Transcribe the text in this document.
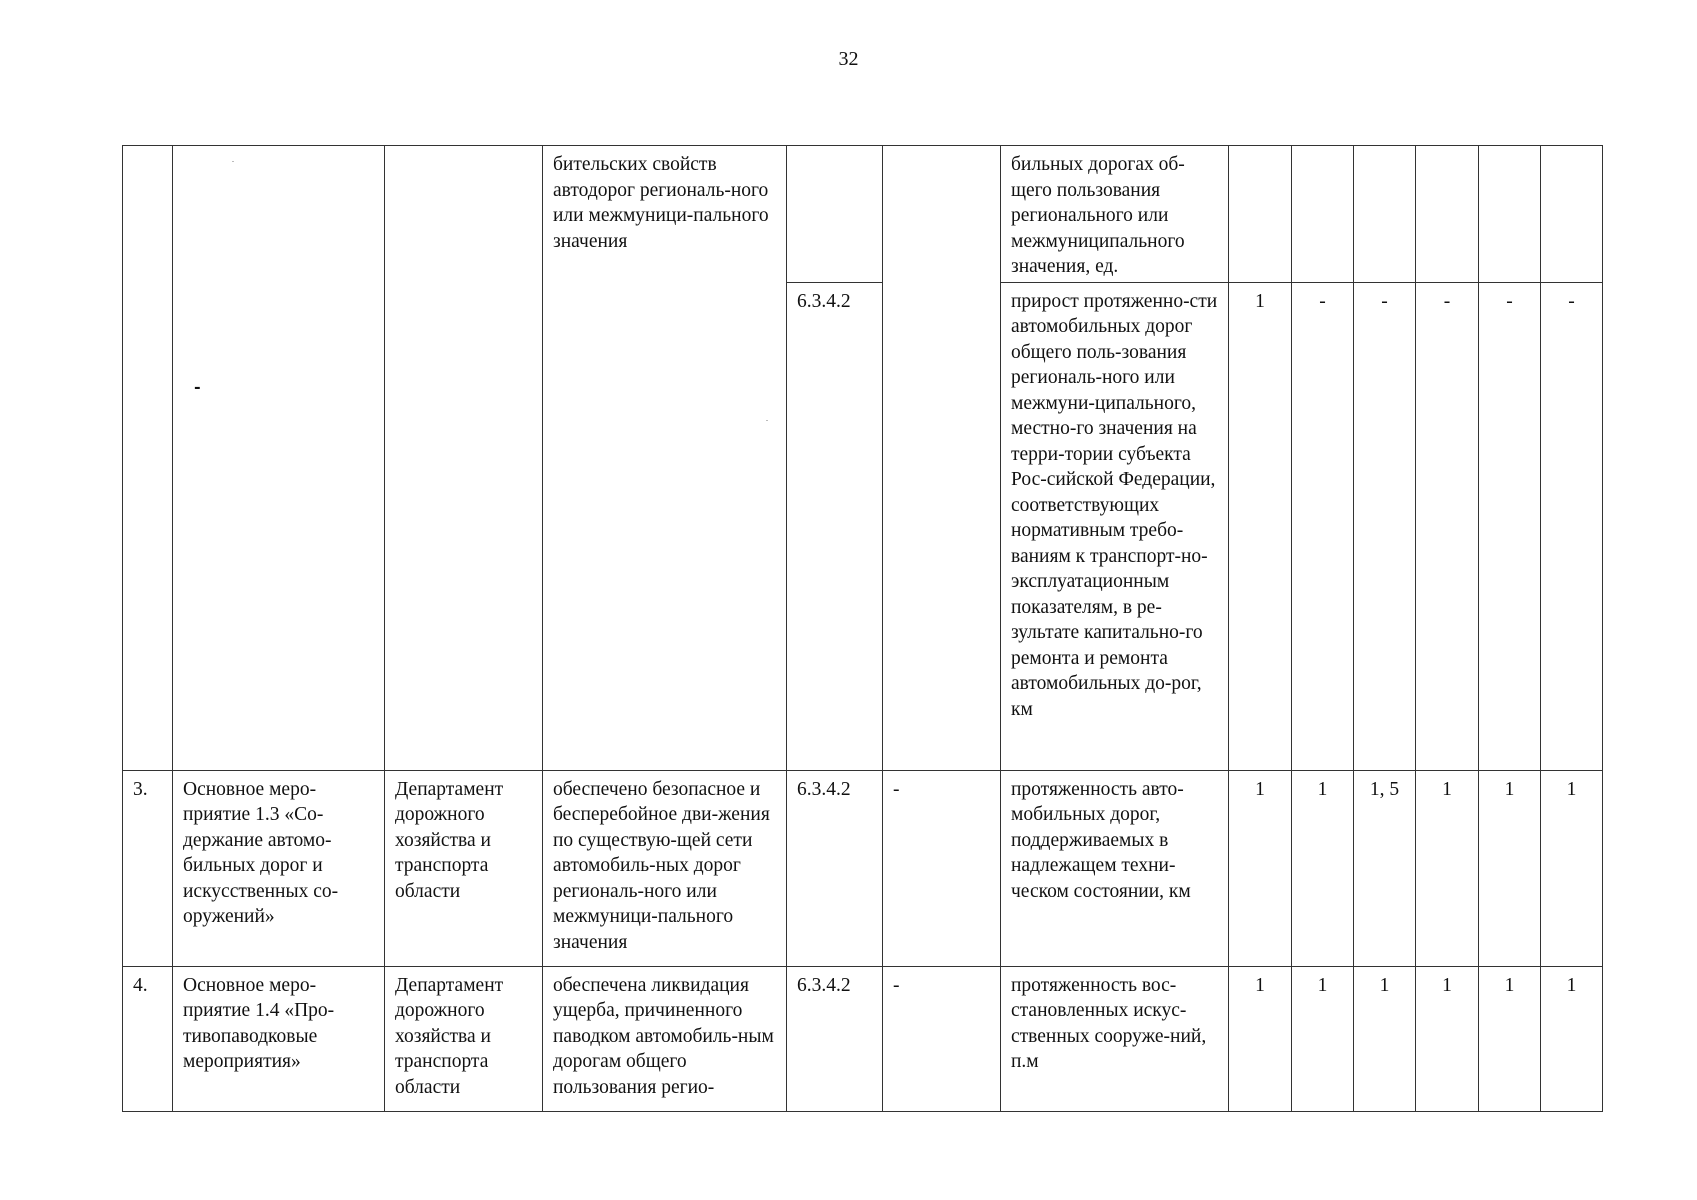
32
			бительских свойств автодорог региональ-ного или межмуници-пального значения			бильных дорогах об-щего пользования регионального или межмуниципального значения, ед.						
				6.3.4.2		прирост протяженно-сти автомобильных дорог общего поль-зования региональ-ного или межмуни-ципального, местно-го значения на терри-тории субъекта Рос-сийской Федерации, соответствующих нормативным требо-ваниям к транспорт-но-эксплуатационным показателям, в ре-зультате капитально-го ремонта и ремонта автомобильных до-рог, км	1	-	-	-	-	-
3.	Основное меро-приятие 1.3 «Со-держание автомо-бильных дорог и искусственных со-оружений»	Департамент дорожного хозяйства и транспорта области	обеспечено безопасное и бесперебойное дви-жения по существую-щей сети автомобиль-ных дорог региональ-ного или межмуници-пального значения	6.3.4.2	-	протяженность авто-мобильных дорог, поддерживаемых в надлежащем техни-ческом состоянии, км	1	1	1, 5	1	1	1
4.	Основное меро-приятие 1.4 «Про-тивопаводковые мероприятия»	Департамент дорожного хозяйства и транспорта области	обеспечена ликвидация ущерба, причиненного паводком автомобиль-ным дорогам общего пользования регио-	6.3.4.2	-	протяженность вос-становленных искус-ственных сооруже-ний, п.м	1	1	1	1	1	1
-
